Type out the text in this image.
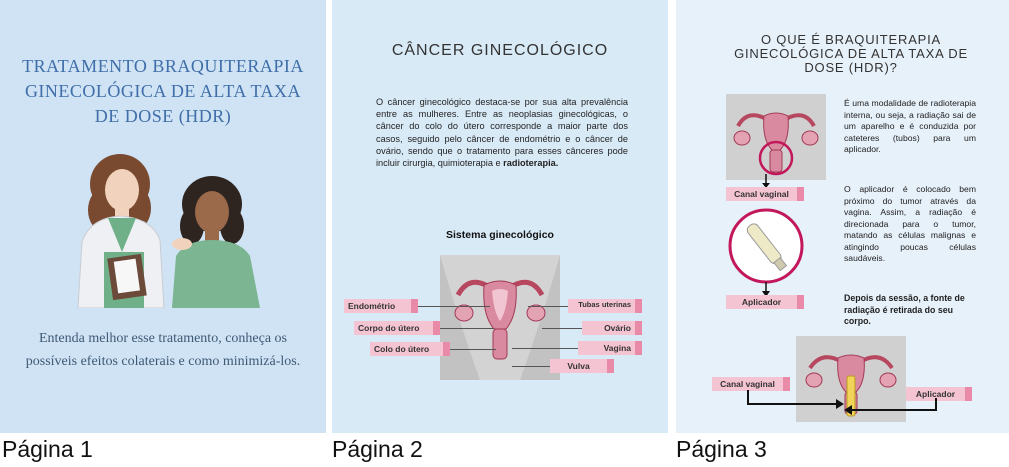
TRATAMENTO BRAQUITERAPIA GINECOLÓGICA DE ALTA TAXA DE DOSE (HDR)
Entenda melhor esse tratamento, conheça os possíveis efeitos colaterais e como minimizá-los.
Página 1
CÂNCER GINECOLÓGICO
O câncer ginecológico destaca-se por sua alta prevalência entre as mulheres. Entre as neoplasias ginecológicas, o câncer do colo do útero corresponde a maior parte dos casos, seguido pelo câncer de endométrio e o câncer de ovário, sendo que o tratamento para esses cânceres pode incluir cirurgia, quimioterapia e radioterapia.
Sistema ginecológico
Endométrio
Corpo do útero
Colo do útero
Tubas uterinas
Ovário
Vagina
Vulva
Página 2
O QUE É BRAQUITERAPIA GINECOLÓGICA DE ALTA TAXA DE DOSE (HDR)?
Canal vaginal
Aplicador
É uma modalidade de radioterapia interna, ou seja, a radiação sai de um aparelho e é conduzida por cateteres (tubos) para um aplicador.
O aplicador é colocado bem próximo do tumor através da vagina. Assim, a radiação é direcionada para o tumor, matando as células malignas e atingindo poucas células saudáveis.
Depois da sessão, a fonte de radiação é retirada do seu corpo.
Canal vaginal
Aplicador
Página 3
